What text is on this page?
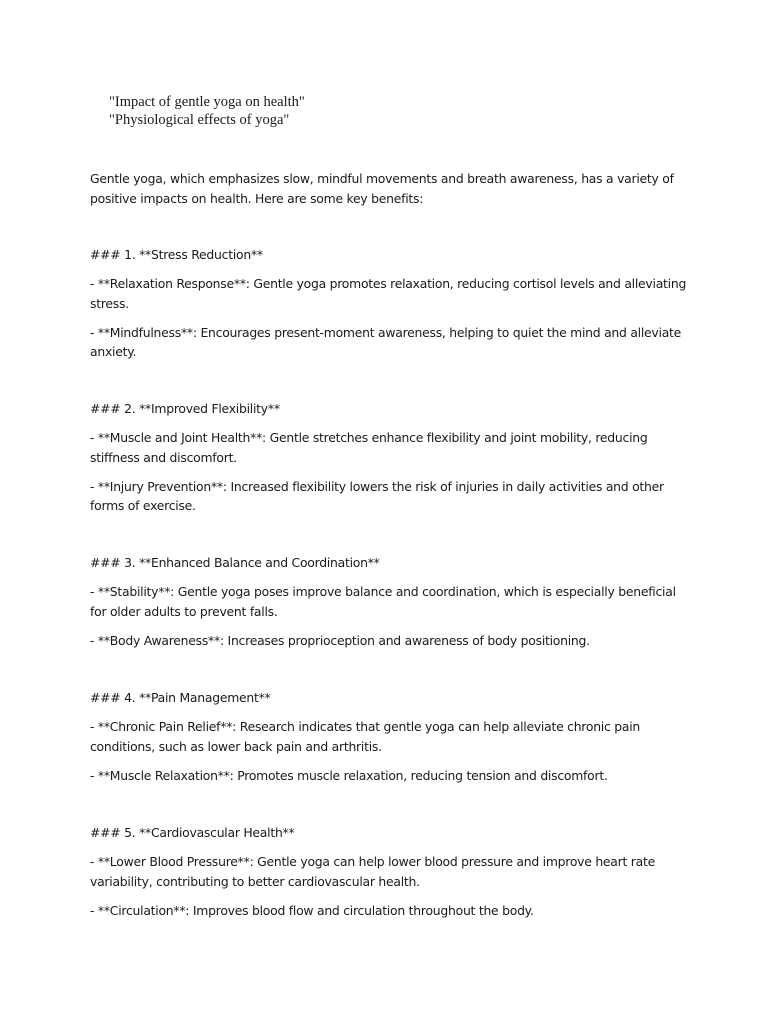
"Impact of gentle yoga on health"
"Physiological effects of yoga"
Gentle yoga, which emphasizes slow, mindful movements and breath awareness, has a variety of positive impacts on health. Here are some key benefits:

### 1. **Stress Reduction**

- **Relaxation Response**: Gentle yoga promotes relaxation, reducing cortisol levels and alleviating stress.

- **Mindfulness**: Encourages present-moment awareness, helping to quiet the mind and alleviate anxiety.

### 2. **Improved Flexibility**

- **Muscle and Joint Health**: Gentle stretches enhance flexibility and joint mobility, reducing stiffness and discomfort.

- **Injury Prevention**: Increased flexibility lowers the risk of injuries in daily activities and other forms of exercise.

### 3. **Enhanced Balance and Coordination**

- **Stability**: Gentle yoga poses improve balance and coordination, which is especially beneficial for older adults to prevent falls.

- **Body Awareness**: Increases proprioception and awareness of body positioning.

### 4. **Pain Management**

- **Chronic Pain Relief**: Research indicates that gentle yoga can help alleviate chronic pain conditions, such as lower back pain and arthritis.

- **Muscle Relaxation**: Promotes muscle relaxation, reducing tension and discomfort.

### 5. **Cardiovascular Health**

- **Lower Blood Pressure**: Gentle yoga can help lower blood pressure and improve heart rate variability, contributing to better cardiovascular health.

- **Circulation**: Improves blood flow and circulation throughout the body.
